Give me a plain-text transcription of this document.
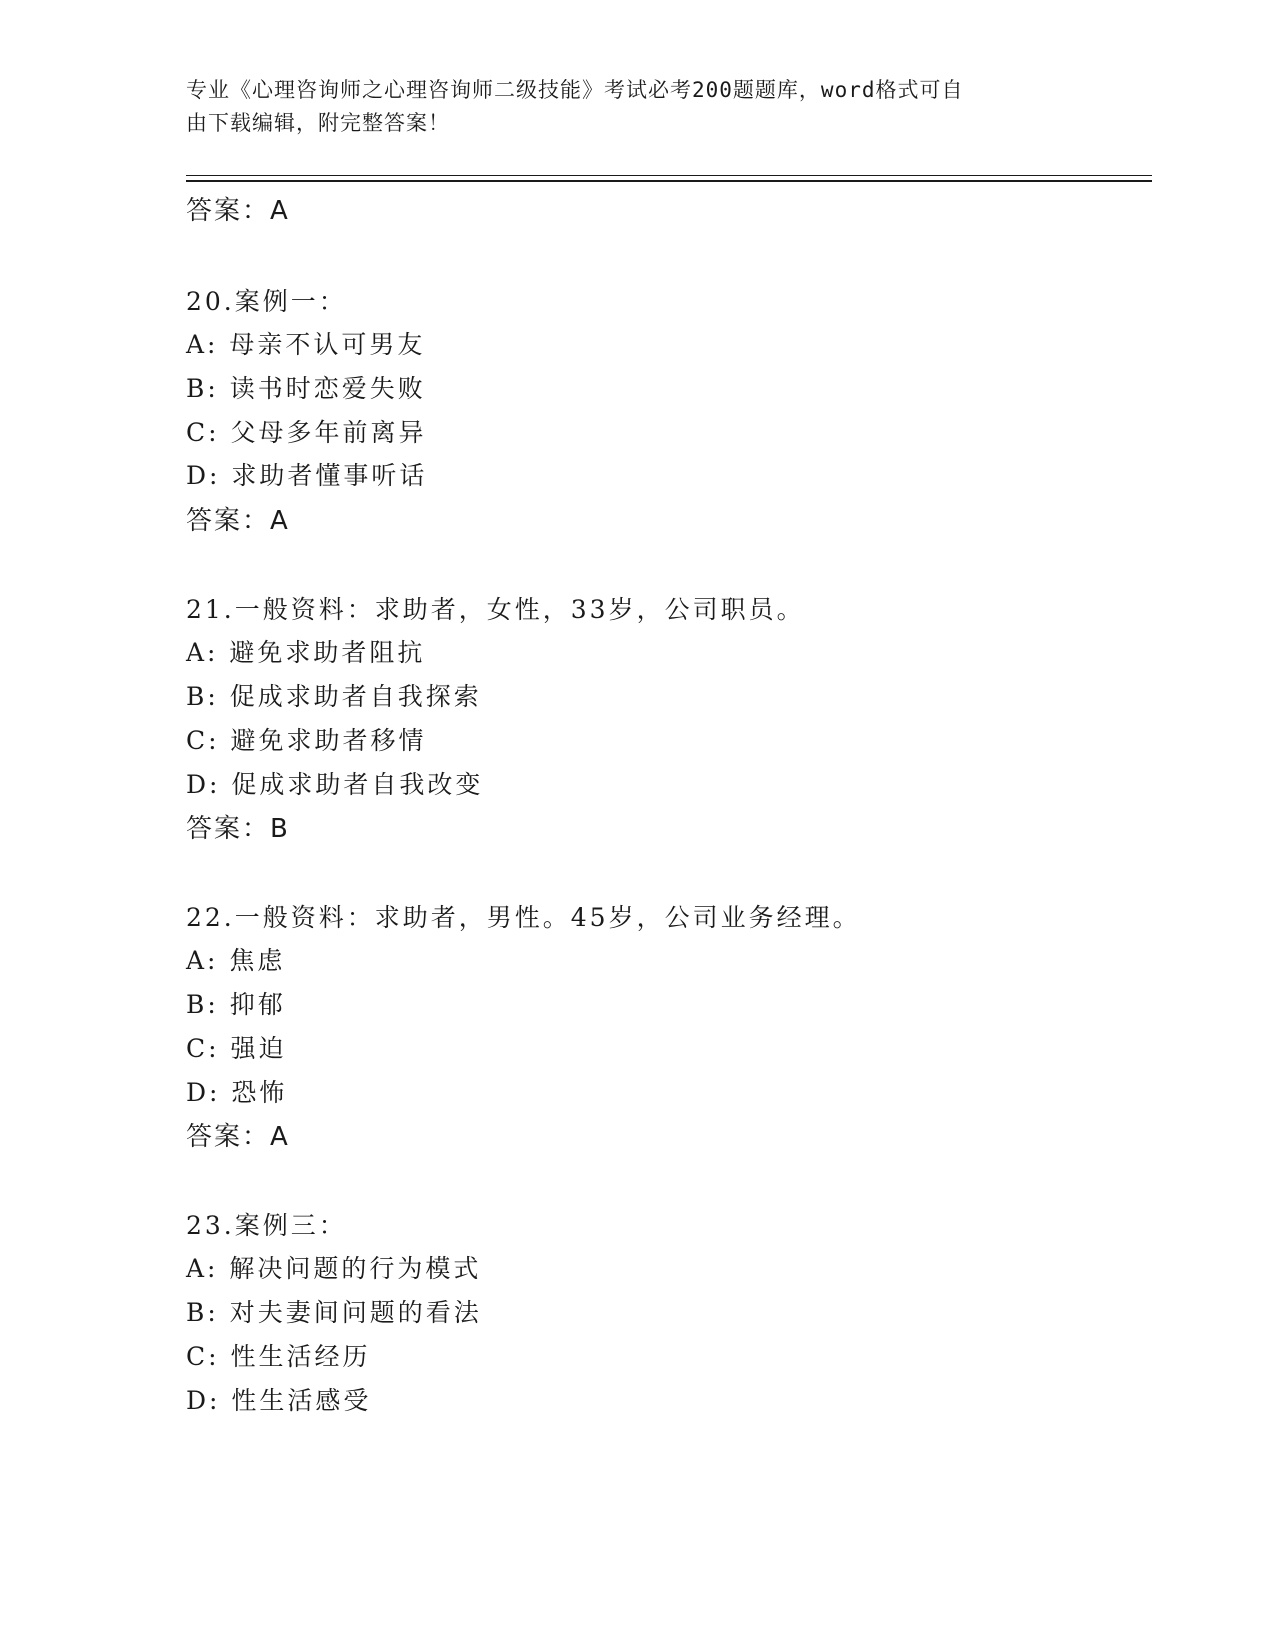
专业《心理咨询师之心理咨询师二级技能》考试必考200题题库，word格式可自
由下载编辑，附完整答案！
答案：A
20.案例一：
A: 母亲不认可男友
B: 读书时恋爱失败
C: 父母多年前离异
D: 求助者懂事听话
答案：A
21.一般资料：求助者，女性，33岁，公司职员。
A: 避免求助者阻抗
B: 促成求助者自我探索
C: 避免求助者移情
D: 促成求助者自我改变
答案：B
22.一般资料：求助者，男性。45岁，公司业务经理。
A: 焦虑
B: 抑郁
C: 强迫
D: 恐怖
答案：A
23.案例三：
A: 解决问题的行为模式
B: 对夫妻间问题的看法
C: 性生活经历
D: 性生活感受
